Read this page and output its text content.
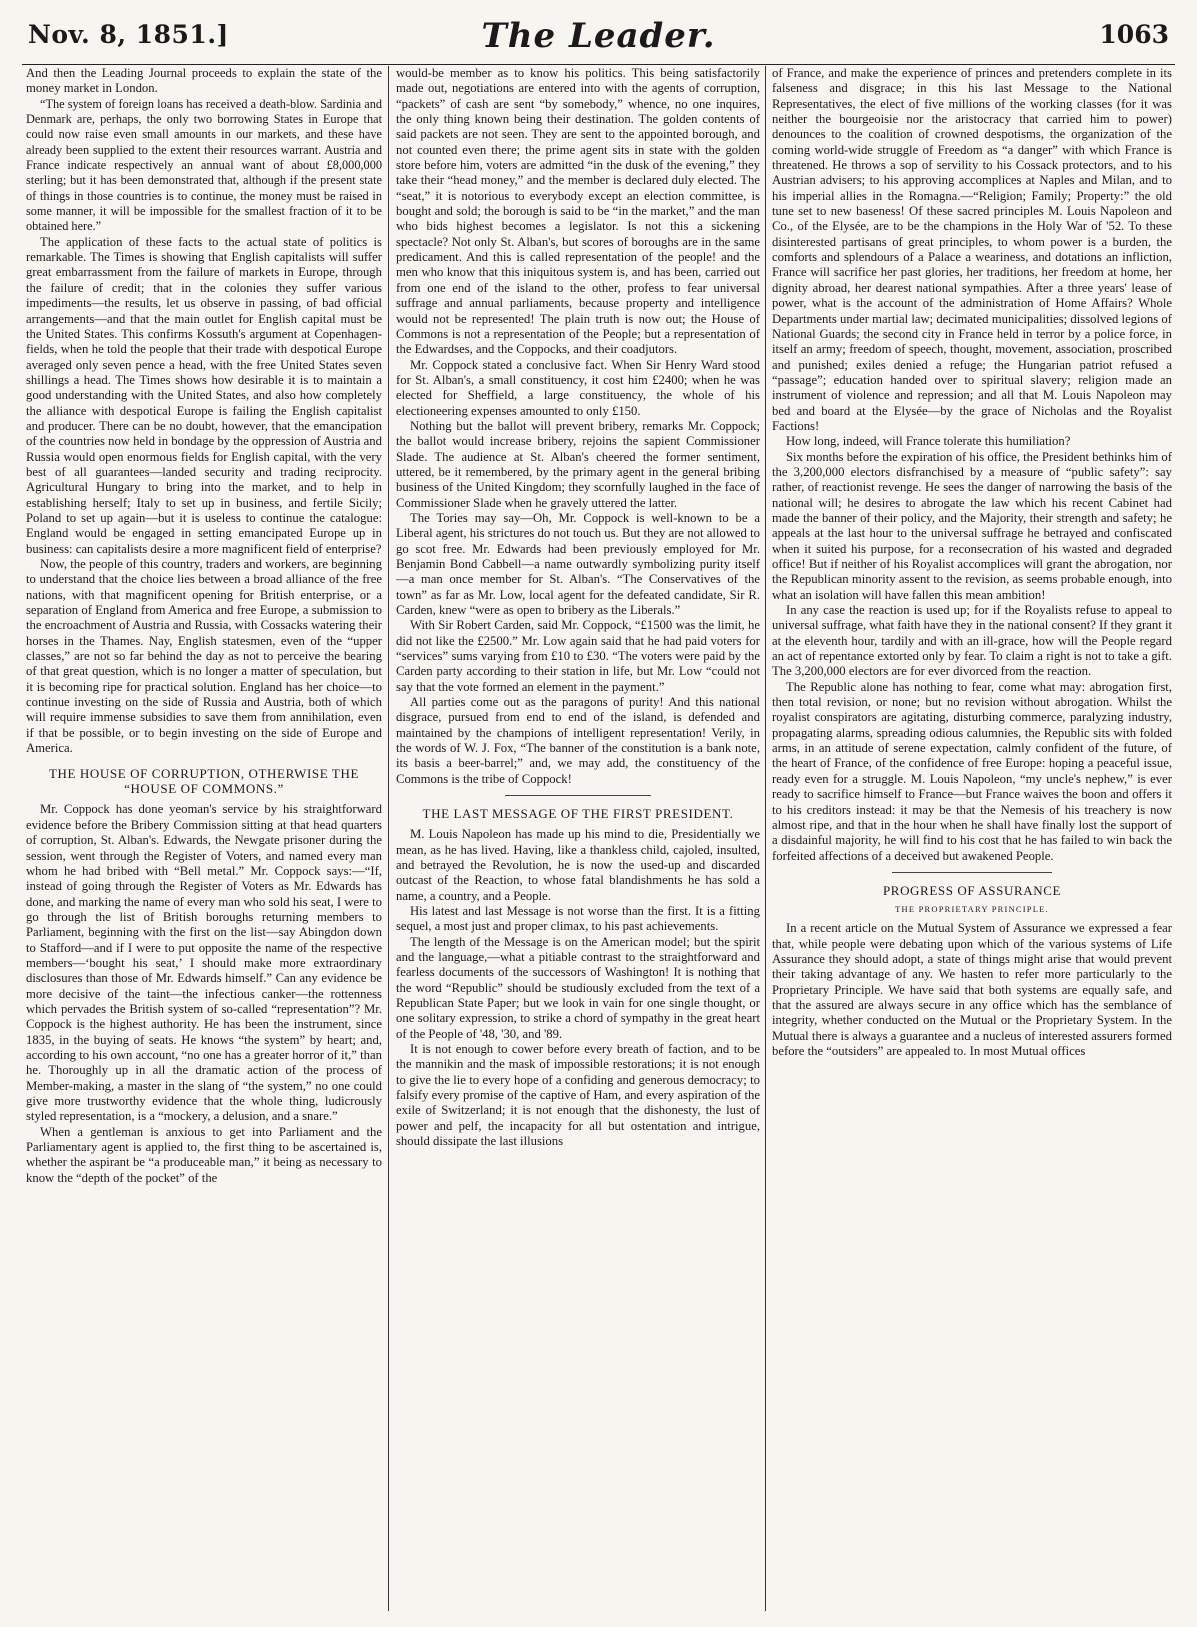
Nov. 8, 1851.]	The Leader.	1063

And then the Leading Journal proceeds to explain the state of the money market in London.

“The system of foreign loans has received a death-blow. Sardinia and Denmark are, perhaps, the only two borrowing States in Europe that could now raise even small amounts in our markets, and these have already been supplied to the extent their resources warrant. Austria and France indicate respectively an annual want of about £8,000,000 sterling; but it has been demonstrated that, although if the present state of things in those countries is to continue, the money must be raised in some manner, it will be impossible for the smallest fraction of it to be obtained here.”

The application of these facts to the actual state of politics is remarkable. The Times is showing that English capitalists will suffer great embarrassment from the failure of markets in Europe, through the failure of credit; that in the colonies they suffer various impediments—the results, let us observe in passing, of bad official arrangements—and that the main outlet for English capital must be the United States. This confirms Kossuth's argument at Copenhagen-fields, when he told the people that their trade with despotical Europe averaged only seven pence a head, with the free United States seven shillings a head. The Times shows how desirable it is to maintain a good understanding with the United States, and also how completely the alliance with despotical Europe is failing the English capitalist and producer. There can be no doubt, however, that the emancipation of the countries now held in bondage by the oppression of Austria and Russia would open enormous fields for English capital, with the very best of all guarantees—landed security and trading reciprocity. Agricultural Hungary to bring into the market, and to help in establishing herself; Italy to set up in business, and fertile Sicily; Poland to set up again—but it is useless to continue the catalogue: England would be engaged in setting emancipated Europe up in business: can capitalists desire a more magnificent field of enterprise?

Now, the people of this country, traders and workers, are beginning to understand that the choice lies between a broad alliance of the free nations, with that magnificent opening for British enterprise, or a separation of England from America and free Europe, a submission to the encroachment of Austria and Russia, with Cossacks watering their horses in the Thames. Nay, English statesmen, even of the “upper classes,” are not so far behind the day as not to perceive the bearing of that great question, which is no longer a matter of speculation, but it is becoming ripe for practical solution. England has her choice—to continue investing on the side of Russia and Austria, both of which will require immense subsidies to save them from annihilation, even if that be possible, or to begin investing on the side of Europe and America.

THE HOUSE OF CORRUPTION, OTHERWISE THE “HOUSE OF COMMONS.”

Mr. Coppock has done yeoman's service by his straightforward evidence before the Bribery Commission sitting at that head quarters of corruption, St. Alban's. Edwards, the Newgate prisoner during the session, went through the Register of Voters, and named every man whom he had bribed with “Bell metal.” Mr. Coppock says:—“If, instead of going through the Register of Voters as Mr. Edwards has done, and marking the name of every man who sold his seat, I were to go through the list of British boroughs returning members to Parliament, beginning with the first on the list—say Abingdon down to Stafford—and if I were to put opposite the name of the respective members—‘bought his seat,’ I should make more extraordinary disclosures than those of Mr. Edwards himself.” Can any evidence be more decisive of the taint—the infectious canker—the rottenness which pervades the British system of so-called “representation”? Mr. Coppock is the highest authority. He has been the instrument, since 1835, in the buying of seats. He knows “the system” by heart; and, according to his own account, “no one has a greater horror of it,” than he. Thoroughly up in all the dramatic action of the process of Member-making, a master in the slang of “the system,” no one could give more trustworthy evidence that the whole thing, ludicrously styled representation, is a “mockery, a delusion, and a snare.”

When a gentleman is anxious to get into Parliament and the Parliamentary agent is applied to, the first thing to be ascertained is, whether the aspirant be “a produceable man,” it being as necessary to know the “depth of the pocket” of the

would-be member as to know his politics. This being satisfactorily made out, negotiations are entered into with the agents of corruption, “packets” of cash are sent “by somebody,” whence, no one inquires, the only thing known being their destination. The golden contents of said packets are not seen. They are sent to the appointed borough, and not counted even there; the prime agent sits in state with the golden store before him, voters are admitted “in the dusk of the evening,” they take their “head money,” and the member is declared duly elected. The “seat,” it is notorious to everybody except an election committee, is bought and sold; the borough is said to be “in the market,” and the man who bids highest becomes a legislator. Is not this a sickening spectacle? Not only St. Alban's, but scores of boroughs are in the same predicament. And this is called representation of the people! and the men who know that this iniquitous system is, and has been, carried out from one end of the island to the other, profess to fear universal suffrage and annual parliaments, because property and intelligence would not be represented! The plain truth is now out; the House of Commons is not a representation of the People; but a representation of the Edwardses, and the Coppocks, and their coadjutors.

Mr. Coppock stated a conclusive fact. When Sir Henry Ward stood for St. Alban's, a small constituency, it cost him £2400; when he was elected for Sheffield, a large constituency, the whole of his electioneering expenses amounted to only £150.

Nothing but the ballot will prevent bribery, remarks Mr. Coppock; the ballot would increase bribery, rejoins the sapient Commissioner Slade. The audience at St. Alban's cheered the former sentiment, uttered, be it remembered, by the primary agent in the general bribing business of the United Kingdom; they scornfully laughed in the face of Commissioner Slade when he gravely uttered the latter.

The Tories may say—Oh, Mr. Coppock is well-known to be a Liberal agent, his strictures do not touch us. But they are not allowed to go scot free. Mr. Edwards had been previously employed for Mr. Benjamin Bond Cabbell—a name outwardly symbolizing purity itself—a man once member for St. Alban's. “The Conservatives of the town” as far as Mr. Low, local agent for the defeated candidate, Sir R. Carden, knew “were as open to bribery as the Liberals.”

With Sir Robert Carden, said Mr. Coppock, “£1500 was the limit, he did not like the £2500.” Mr. Low again said that he had paid voters for “services” sums varying from £10 to £30. “The voters were paid by the Carden party according to their station in life, but Mr. Low “could not say that the vote formed an element in the payment.”

All parties come out as the paragons of purity! And this national disgrace, pursued from end to end of the island, is defended and maintained by the champions of intelligent representation! Verily, in the words of W. J. Fox, “The banner of the constitution is a bank note, its basis a beer-barrel;” and, we may add, the constituency of the Commons is the tribe of Coppock!

THE LAST MESSAGE OF THE FIRST PRESIDENT.

M. Louis Napoleon has made up his mind to die, Presidentially we mean, as he has lived. Having, like a thankless child, cajoled, insulted, and betrayed the Revolution, he is now the used-up and discarded outcast of the Reaction, to whose fatal blandishments he has sold a name, a country, and a People.

His latest and last Message is not worse than the first. It is a fitting sequel, a most just and proper climax, to his past achievements.

The length of the Message is on the American model; but the spirit and the language,—what a pitiable contrast to the straightforward and fearless documents of the successors of Washington! It is nothing that the word “Republic” should be studiously excluded from the text of a Republican State Paper; but we look in vain for one single thought, or one solitary expression, to strike a chord of sympathy in the great heart of the People of '48, '30, and '89.

It is not enough to cower before every breath of faction, and to be the mannikin and the mask of impossible restorations; it is not enough to give the lie to every hope of a confiding and generous democracy; to falsify every promise of the captive of Ham, and every aspiration of the exile of Switzerland; it is not enough that the dishonesty, the lust of power and pelf, the incapacity for all but ostentation and intrigue, should dissipate the last illusions

of France, and make the experience of princes and pretenders complete in its falseness and disgrace; in this his last Message to the National Representatives, the elect of five millions of the working classes (for it was neither the bourgeoisie nor the aristocracy that carried him to power) denounces to the coalition of crowned despotisms, the organization of the coming world-wide struggle of Freedom as “a danger” with which France is threatened. He throws a sop of servility to his Cossack protectors, and to his Austrian advisers; to his approving accomplices at Naples and Milan, and to his imperial allies in the Romagna.—“Religion; Family; Property:” the old tune set to new baseness! Of these sacred principles M. Louis Napoleon and Co., of the Elysée, are to be the champions in the Holy War of '52. To these disinterested partisans of great principles, to whom power is a burden, the comforts and splendours of a Palace a weariness, and dotations an infliction, France will sacrifice her past glories, her traditions, her freedom at home, her dignity abroad, her dearest national sympathies. After a three years' lease of power, what is the account of the administration of Home Affairs? Whole Departments under martial law; decimated municipalities; dissolved legions of National Guards; the second city in France held in terror by a police force, in itself an army; freedom of speech, thought, movement, association, proscribed and punished; exiles denied a refuge; the Hungarian patriot refused a “passage”; education handed over to spiritual slavery; religion made an instrument of violence and repression; and all that M. Louis Napoleon may bed and board at the Elysée—by the grace of Nicholas and the Royalist Factions!

How long, indeed, will France tolerate this humiliation?

Six months before the expiration of his office, the President bethinks him of the 3,200,000 electors disfranchised by a measure of “public safety”: say rather, of reactionist revenge. He sees the danger of narrowing the basis of the national will; he desires to abrogate the law which his recent Cabinet had made the banner of their policy, and the Majority, their strength and safety; he appeals at the last hour to the universal suffrage he betrayed and confiscated when it suited his purpose, for a reconsecration of his wasted and degraded office! But if neither of his Royalist accomplices will grant the abrogation, nor the Republican minority assent to the revision, as seems probable enough, into what an isolation will have fallen this mean ambition!

In any case the reaction is used up; for if the Royalists refuse to appeal to universal suffrage, what faith have they in the national consent? If they grant it at the eleventh hour, tardily and with an ill-grace, how will the People regard an act of repentance extorted only by fear. To claim a right is not to take a gift. The 3,200,000 electors are for ever divorced from the reaction.

The Republic alone has nothing to fear, come what may: abrogation first, then total revision, or none; but no revision without abrogation. Whilst the royalist conspirators are agitating, disturbing commerce, paralyzing industry, propagating alarms, spreading odious calumnies, the Republic sits with folded arms, in an attitude of serene expectation, calmly confident of the future, of the heart of France, of the confidence of free Europe: hoping a peaceful issue, ready even for a struggle. M. Louis Napoleon, “my uncle's nephew,” is ever ready to sacrifice himself to France—but France waives the boon and offers it to his creditors instead: it may be that the Nemesis of his treachery is now almost ripe, and that in the hour when he shall have finally lost the support of a disdainful majority, he will find to his cost that he has failed to win back the forfeited affections of a deceived but awakened People.

PROGRESS OF ASSURANCE
THE PROPRIETARY PRINCIPLE.

In a recent article on the Mutual System of Assurance we expressed a fear that, while people were debating upon which of the various systems of Life Assurance they should adopt, a state of things might arise that would prevent their taking advantage of any. We hasten to refer more particularly to the Proprietary Principle. We have said that both systems are equally safe, and that the assured are always secure in any office which has the semblance of integrity, whether conducted on the Mutual or the Proprietary System. In the Mutual there is always a guarantee and a nucleus of interested assurers formed before the “outsiders” are appealed to. In most Mutual offices
